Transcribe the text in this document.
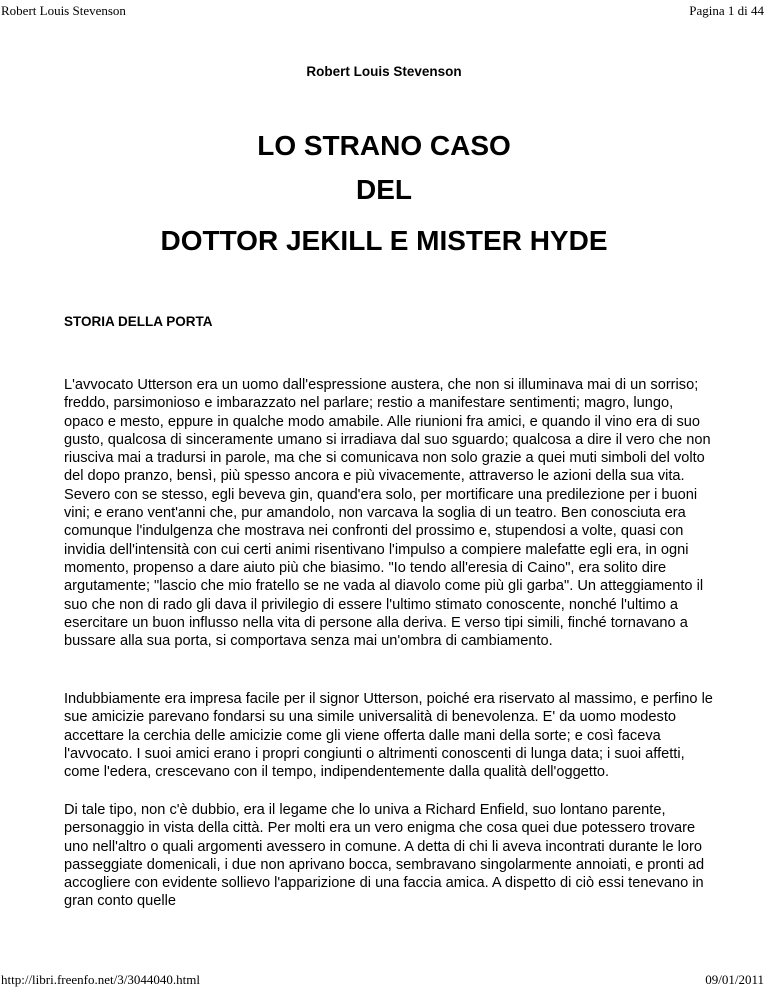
Robert Louis Stevenson	Pagina 1 di 44
Robert Louis Stevenson
LO STRANO CASO
DEL
DOTTOR JEKILL E MISTER HYDE
STORIA DELLA PORTA

L'avvocato Utterson era un uomo dall'espressione austera, che non si illuminava mai di un sorriso; freddo, parsimonioso e imbarazzato nel parlare; restio a manifestare sentimenti; magro, lungo, opaco e mesto, eppure in qualche modo amabile. Alle riunioni fra amici, e quando il vino era di suo gusto, qualcosa di sinceramente umano si irradiava dal suo sguardo; qualcosa a dire il vero che non riusciva mai a tradursi in parole, ma che si comunicava non solo grazie a quei muti simboli del volto del dopo pranzo, bensì, più spesso ancora e più vivacemente, attraverso le azioni della sua vita. Severo con se stesso, egli beveva gin, quand'era solo, per mortificare una predilezione per i buoni vini; e erano vent'anni che, pur amandolo, non varcava la soglia di un teatro. Ben conosciuta era comunque l'indulgenza che mostrava nei confronti del prossimo e, stupendosi a volte, quasi con invidia dell'intensità con cui certi animi risentivano l'impulso a compiere malefatte egli era, in ogni momento, propenso a dare aiuto più che biasimo. "Io tendo all'eresia di Caino", era solito dire argutamente; "lascio che mio fratello se ne vada al diavolo come più gli garba". Un atteggiamento il suo che non di rado gli dava il privilegio di essere l'ultimo stimato conoscente, nonché l'ultimo a esercitare un buon influsso nella vita di persone alla deriva. E verso tipi simili, finché tornavano a bussare alla sua porta, si comportava senza mai un'ombra di cambiamento.

Indubbiamente era impresa facile per il signor Utterson, poiché era riservato al massimo, e perfino le sue amicizie parevano fondarsi su una simile universalità di benevolenza. E' da uomo modesto accettare la cerchia delle amicizie come gli viene offerta dalle mani della sorte; e così faceva l'avvocato. I suoi amici erano i propri congiunti o altrimenti conoscenti di lunga data; i suoi affetti, come l'edera, crescevano con il tempo, indipendentemente dalla qualità dell'oggetto.

Di tale tipo, non c'è dubbio, era il legame che lo univa a Richard Enfield, suo lontano parente, personaggio in vista della città. Per molti era un vero enigma che cosa quei due potessero trovare uno nell'altro o quali argomenti avessero in comune. A detta di chi li aveva incontrati durante le loro passeggiate domenicali, i due non aprivano bocca, sembravano singolarmente annoiati, e pronti ad accogliere con evidente sollievo l'apparizione di una faccia amica. A dispetto di ciò essi tenevano in gran conto quelle

http://libri.freenfo.net/3/3044040.html	09/01/2011
